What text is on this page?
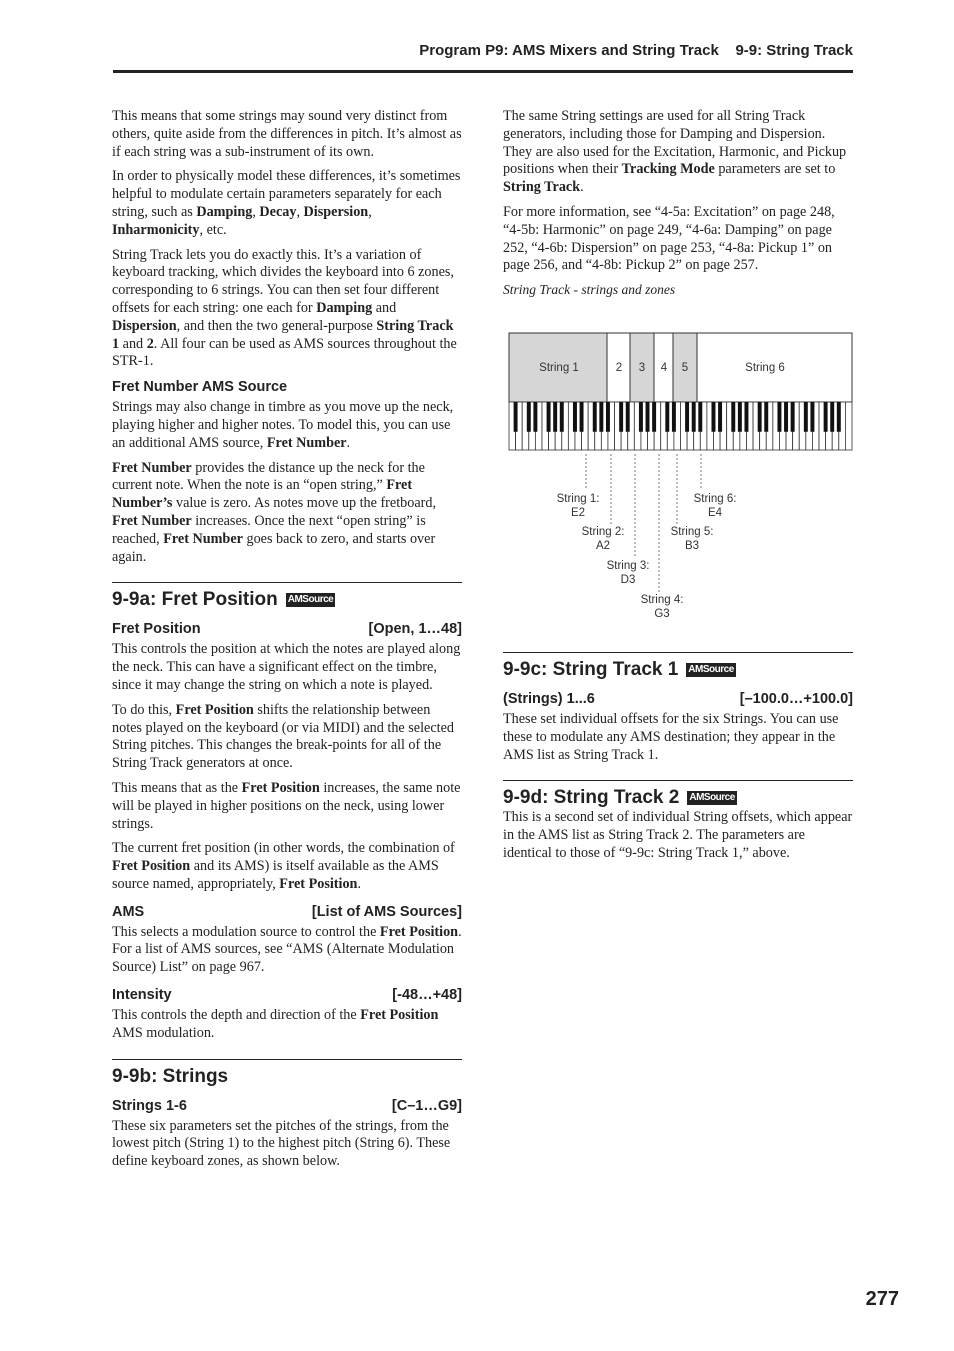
Program P9: AMS Mixers and String Track    9-9: String Track

This means that some strings may sound very distinct from others, quite aside from the differences in pitch. It’s almost as if each string was a sub-instrument of its own.

In order to physically model these differences, it’s sometimes helpful to modulate certain parameters separately for each string, such as Damping, Decay, Dispersion, Inharmonicity, etc.

String Track lets you do exactly this. It’s a variation of keyboard tracking, which divides the keyboard into 6 zones, corresponding to 6 strings. You can then set four different offsets for each string: one each for Damping and Dispersion, and then the two general-purpose String Track 1 and 2. All four can be used as AMS sources throughout the STR-1.

Fret Number AMS Source

Strings may also change in timbre as you move up the neck, playing higher and higher notes. To model this, you can use an additional AMS source, Fret Number.

Fret Number provides the distance up the neck for the current note. When the note is an “open string,” Fret Number’s value is zero. As notes move up the fretboard, Fret Number increases. Once the next “open string” is reached, Fret Number goes back to zero, and starts over again.

9-9a: Fret Position AMSource
Fret Position	[Open, 1…48]

This controls the position at which the notes are played along the neck. This can have a significant effect on the timbre, since it may change the string on which a note is played.

To do this, Fret Position shifts the relationship between notes played on the keyboard (or via MIDI) and the selected String pitches. This changes the break-points for all of the String Track generators at once.

This means that as the Fret Position increases, the same note will be played in higher positions on the neck, using lower strings.

The current fret position (in other words, the combination of Fret Position and its AMS) is itself available as the AMS source named, appropriately, Fret Position.

AMS	[List of AMS Sources]

This selects a modulation source to control the Fret Position. For a list of AMS sources, see “AMS (Alternate Modulation Source) List” on page 967.

Intensity	[-48…+48]

This controls the depth and direction of the Fret Position AMS modulation.

9-9b: Strings
Strings 1-6	[C–1…G9]

These six parameters set the pitches of the strings, from the lowest pitch (String 1) to the highest pitch (String 6). These define keyboard zones, as shown below.

The same String settings are used for all String Track generators, including those for Damping and Dispersion. They are also used for the Excitation, Harmonic, and Pickup positions when their Tracking Mode parameters are set to String Track.

For more information, see “4-5a: Excitation” on page 248, “4-5b: Harmonic” on page 249, “4-6a: Damping” on page 252, “4-6b: Dispersion” on page 253, “4-8a: Pickup 1” on page 256, and “4-8b: Pickup 2” on page 257.

String Track - strings and zones
String 1	2 3 4 5	String 6
String 1:
E2
String 2:
A2
String 3:
D3
String 4:
G3
String 5:
B3
String 6:
E4
9-9c: String Track 1 AMSource
(Strings) 1...6	[–100.0…+100.0]

These set individual offsets for the six Strings. You can use these to modulate any AMS destination; they appear in the AMS list as String Track 1.

9-9d: String Track 2 AMSource

This is a second set of individual String offsets, which appear in the AMS list as String Track 2. The parameters are identical to those of “9-9c: String Track 1,” above.

277
